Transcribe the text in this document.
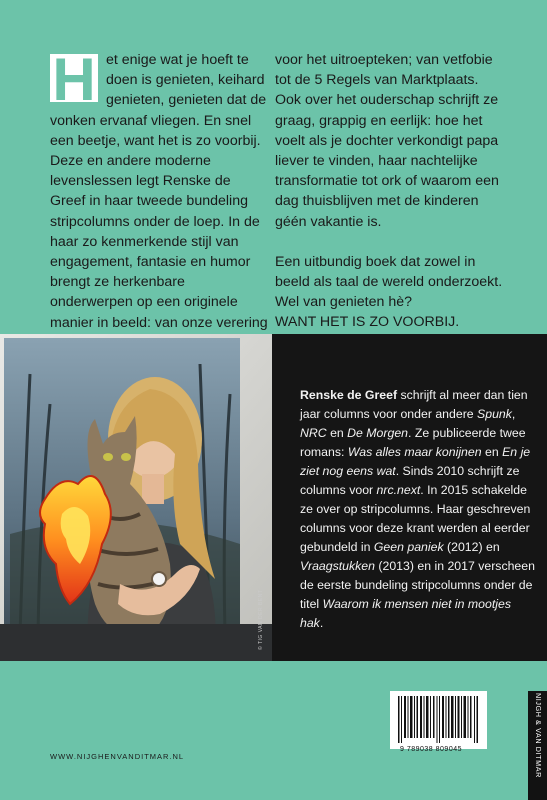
H et enige wat je hoeft te doen is genieten, keihard genieten, genieten dat de vonken ervanaf vliegen. En snel een beetje, want het is zo voorbij. Deze en andere moderne levenslessen legt Renske de Greef in haar tweede bundeling stripcolumns onder de loep. In de haar zo kenmerkende stijl van engagement, fantasie en humor brengt ze herkenbare onderwerpen op een originele manier in beeld: van onze verering

voor het uitroepteken; van vetfobie tot de 5 Regels van Marktplaats. Ook over het ouderschap schrijft ze graag, grappig en eerlijk: hoe het voelt als je dochter verkondigt papa liever te vinden, haar nachtelijke transformatie tot ork of waarom een dag thuisblijven met de kinderen géén vakantie is.

Een uitbundig boek dat zowel in beeld als taal de wereld onderzoekt. Wel van genieten hè?
WANT HET IS ZO VOORBIJ.

© TIG VAN DER BENT
Renske de Greef schrijft al meer dan tien jaar columns voor onder andere Spunk, NRC en De Morgen. Ze publiceerde twee romans: Was alles maar konijnen en En je ziet nog eens wat. Sinds 2010 schrijft ze columns voor nrc.next. In 2015 schakelde ze over op stripcolumns. Haar geschreven columns voor deze krant werden al eerder gebundeld in Geen paniek (2012) en Vraagstukken (2013) en in 2017 verscheen de eerste bundeling stripcolumns onder de titel Waarom ik mensen niet in mootjes hak.
WWW.NIJGHENVANDITMAR.NL
9 789038 809045	NIJGH & VAN DITMAR
